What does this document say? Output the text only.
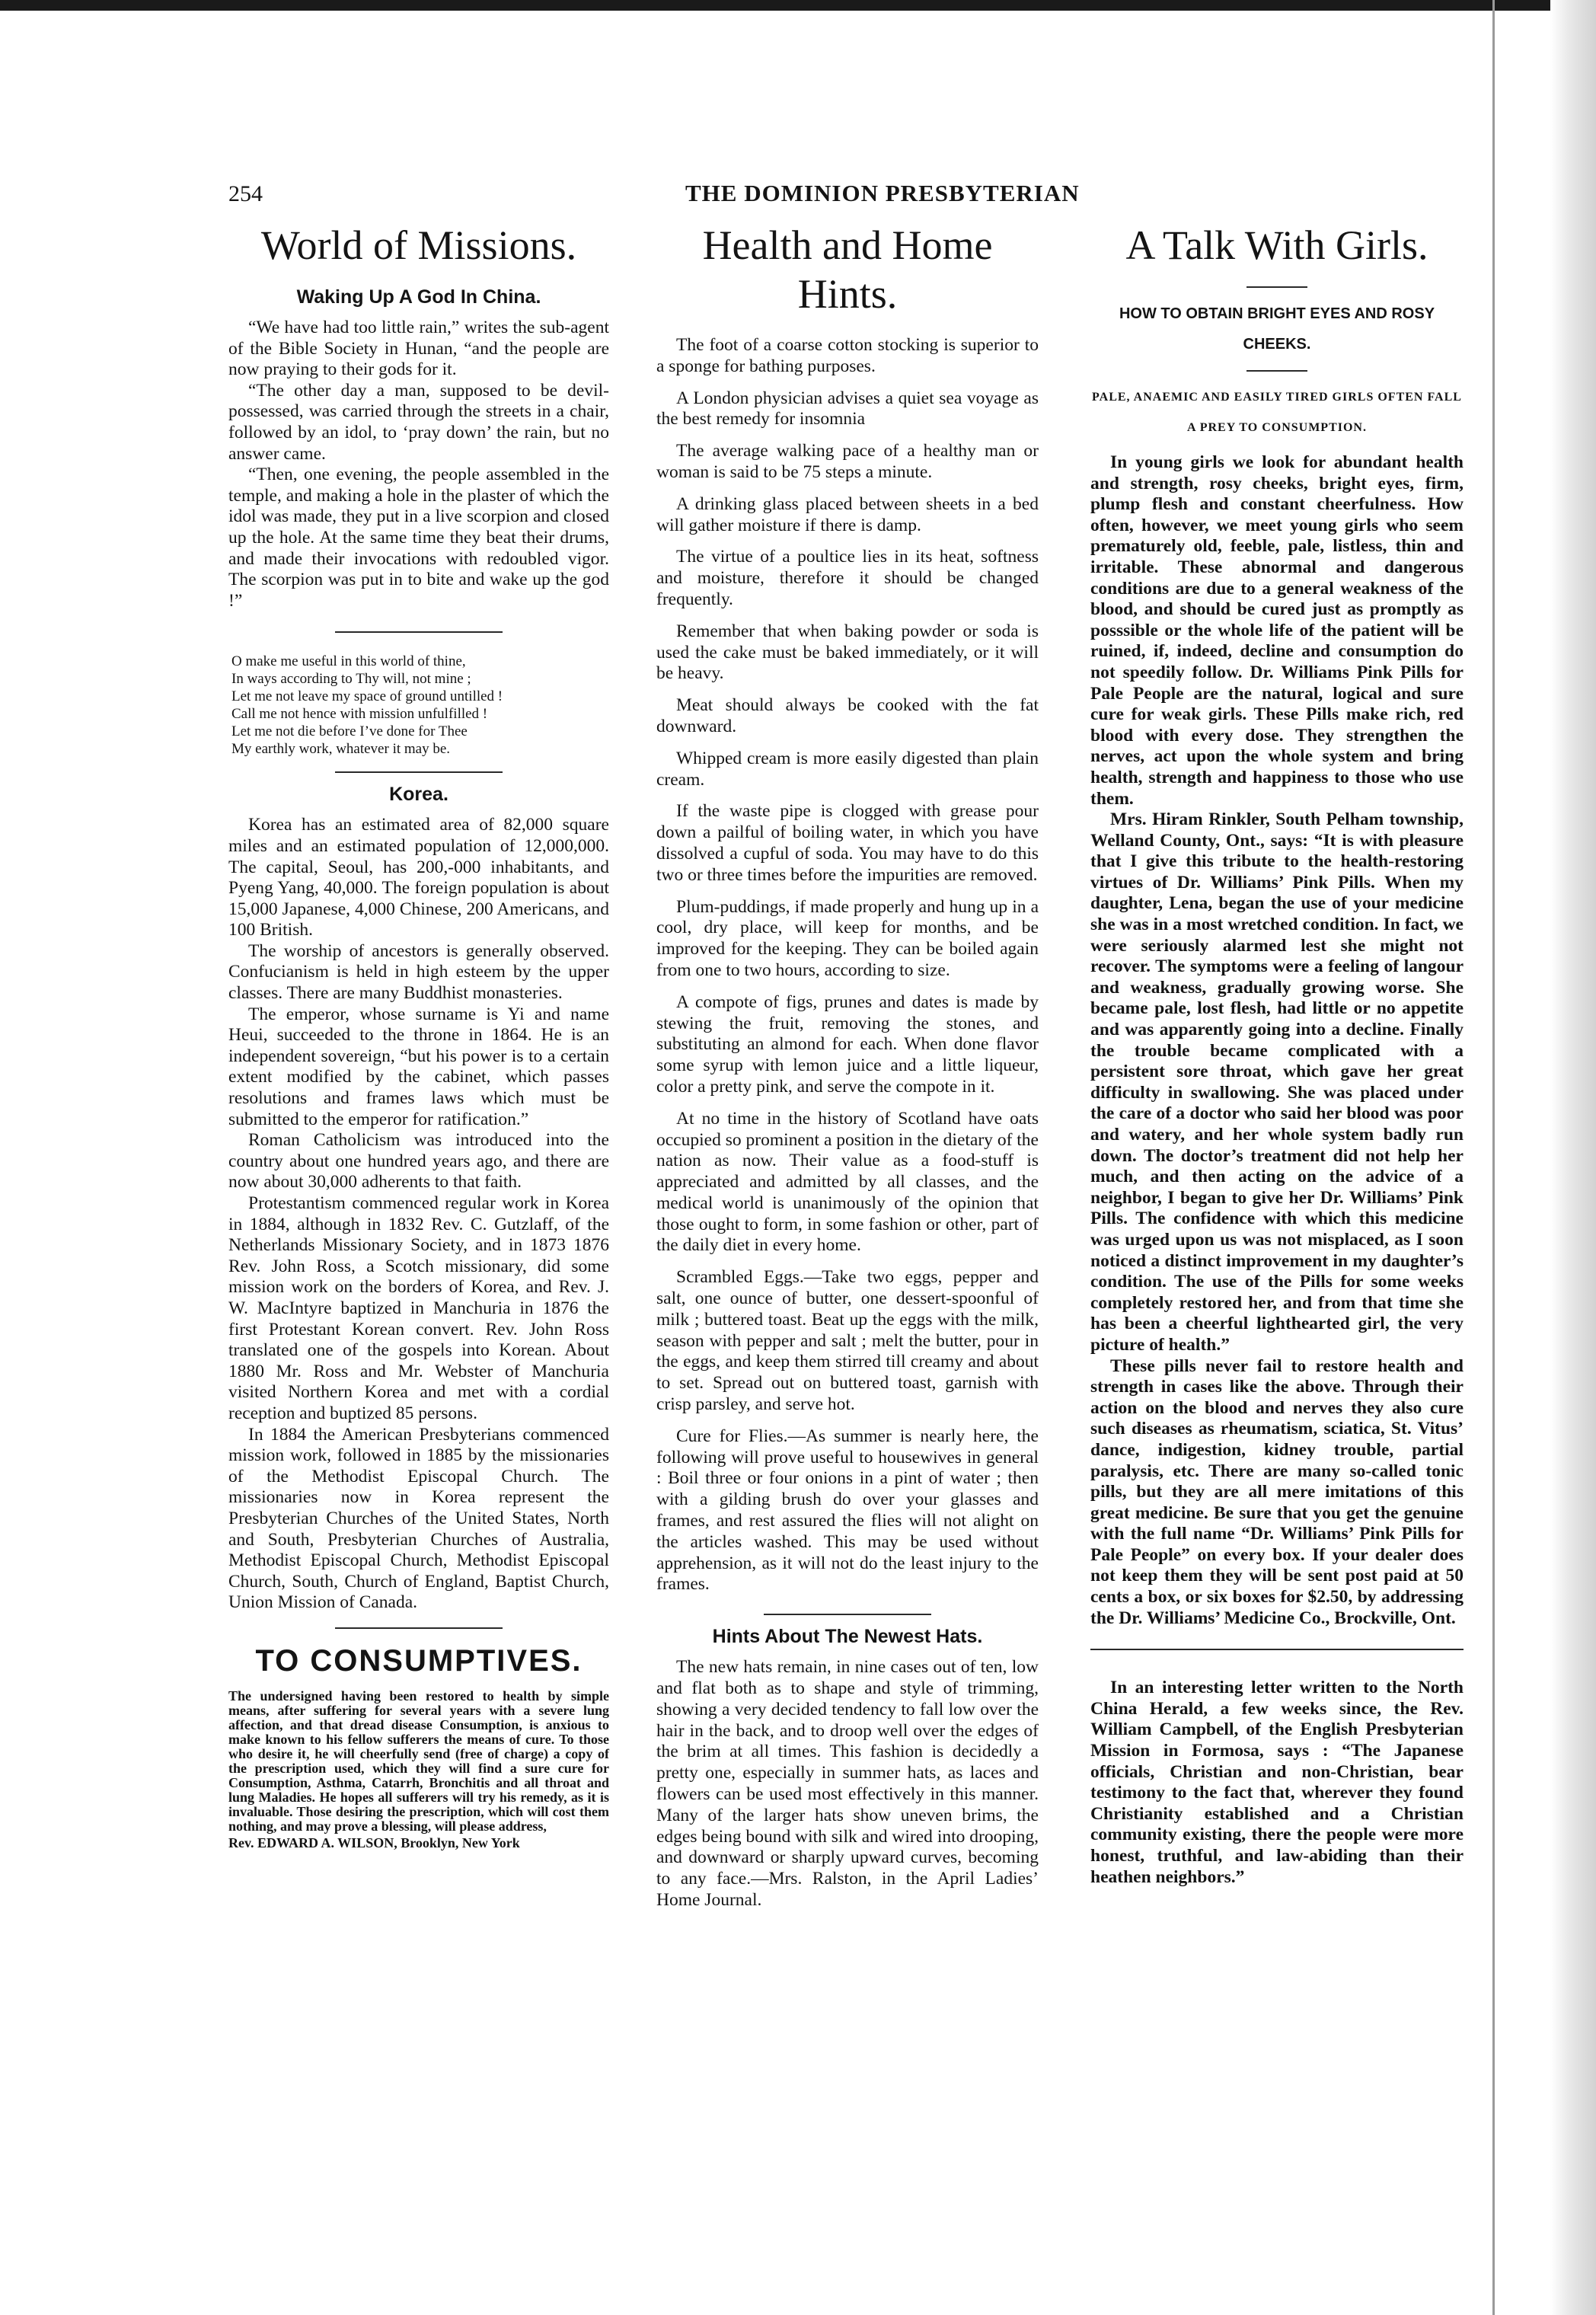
254	THE DOMINION PRESBYTERIAN
World of Missions.
Waking Up A God In China.

“We have had too little rain,” writes the sub-agent of the Bible Society in Hunan, “and the people are now praying to their gods for it.

“The other day a man, supposed to be devil-possessed, was carried through the streets in a chair, followed by an idol, to ‘pray down’ the rain, but no answer came.

“Then, one evening, the people assembled in the temple, and making a hole in the plaster of which the idol was made, they put in a live scorpion and closed up the hole. At the same time they beat their drums, and made their invocations with redoubled vigor. The scorpion was put in to bite and wake up the god !”

O make me useful in this world of thine,
In ways according to Thy will, not mine ;
Let me not leave my space of ground untilled !
Call me not hence with mission unfulfilled !
Let me not die before I’ve done for Thee
My earthly work, whatever it may be.
Korea.

Korea has an estimated area of 82,000 square miles and an estimated population of 12,000,000. The capital, Seoul, has 200,-000 inhabitants, and Pyeng Yang, 40,000. The foreign population is about 15,000 Japanese, 4,000 Chinese, 200 Americans, and 100 British.

The worship of ancestors is generally observed. Confucianism is held in high esteem by the upper classes. There are many Buddhist monasteries.

The emperor, whose surname is Yi and name Heui, succeeded to the throne in 1864. He is an independent sovereign, “but his power is to a certain extent modified by the cabinet, which passes resolutions and frames laws which must be submitted to the emperor for ratification.”

Roman Catholicism was introduced into the country about one hundred years ago, and there are now about 30,000 adherents to that faith.

Protestantism commenced regular work in Korea in 1884, although in 1832 Rev. C. Gutzlaff, of the Netherlands Missionary Society, and in 1873 1876 Rev. John Ross, a Scotch missionary, did some mission work on the borders of Korea, and Rev. J. W. MacIntyre baptized in Manchuria in 1876 the first Protestant Korean convert. Rev. John Ross translated one of the gospels into Korean. About 1880 Mr. Ross and Mr. Webster of Manchuria visited Northern Korea and met with a cordial reception and buptized 85 persons.

In 1884 the American Presbyterians commenced mission work, followed in 1885 by the missionaries of the Methodist Episcopal Church. The missionaries now in Korea represent the Presbyterian Churches of the United States, North and South, Presbyterian Churches of Australia, Methodist Episcopal Church, Methodist Episcopal Church, South, Church of England, Baptist Church, Union Mission of Canada.

TO CONSUMPTIVES.
The undersigned having been restored to health by simple means, after suffering for several years with a severe lung affection, and that dread disease Consumption, is anxious to make known to his fellow sufferers the means of cure. To those who desire it, he will cheerfully send (free of charge) a copy of the prescription used, which they will find a sure cure for Consumption, Asthma, Catarrh, Bronchitis and all throat and lung Maladies. He hopes all sufferers will try his remedy, as it is invaluable. Those desiring the prescription, which will cost them nothing, and may prove a blessing, will please address,
Rev. EDWARD A. WILSON, Brooklyn, New York
Health and Home Hints.

The foot of a coarse cotton stocking is superior to a sponge for bathing purposes.

A London physician advises a quiet sea voyage as the best remedy for insomnia

The average walking pace of a healthy man or woman is said to be 75 steps a minute.

A drinking glass placed between sheets in a bed will gather moisture if there is damp.

The virtue of a poultice lies in its heat, softness and moisture, therefore it should be changed frequently.

Remember that when baking powder or soda is used the cake must be baked immediately, or it will be heavy.

Meat should always be cooked with the fat downward.

Whipped cream is more easily digested than plain cream.

If the waste pipe is clogged with grease pour down a pailful of boiling water, in which you have dissolved a cupful of soda. You may have to do this two or three times before the impurities are removed.

Plum-puddings, if made properly and hung up in a cool, dry place, will keep for months, and be improved for the keeping. They can be boiled again from one to two hours, according to size.

A compote of figs, prunes and dates is made by stewing the fruit, removing the stones, and substituting an almond for each. When done flavor some syrup with lemon juice and a little liqueur, color a pretty pink, and serve the compote in it.

At no time in the history of Scotland have oats occupied so prominent a position in the dietary of the nation as now. Their value as a food-stuff is appreciated and admitted by all classes, and the medical world is unanimously of the opinion that those ought to form, in some fashion or other, part of the daily diet in every home.

Scrambled Eggs.—Take two eggs, pepper and salt, one ounce of butter, one dessert-spoonful of milk ; buttered toast. Beat up the eggs with the milk, season with pepper and salt ; melt the butter, pour in the eggs, and keep them stirred till creamy and about to set. Spread out on buttered toast, garnish with crisp parsley, and serve hot.

Cure for Flies.—As summer is nearly here, the following will prove useful to housewives in general : Boil three or four onions in a pint of water ; then with a gilding brush do over your glasses and frames, and rest assured the flies will not alight on the articles washed. This may be used without apprehension, as it will not do the least injury to the frames.

Hints About The Newest Hats.

The new hats remain, in nine cases out of ten, low and flat both as to shape and style of trimming, showing a very decided tendency to fall low over the hair in the back, and to droop well over the edges of the brim at all times. This fashion is decidedly a pretty one, especially in summer hats, as laces and flowers can be used most effectively in this manner. Many of the larger hats show uneven brims, the edges being bound with silk and wired into drooping, and downward or sharply upward curves, becoming to any face.—Mrs. Ralston, in the April Ladies’ Home Journal.

A Talk With Girls.
HOW TO OBTAIN BRIGHT EYES AND ROSY CHEEKS.
PALE, ANAEMIC AND EASILY TIRED GIRLS OFTEN FALL A PREY TO CONSUMPTION.

In young girls we look for abundant health and strength, rosy cheeks, bright eyes, firm, plump flesh and constant cheerfulness. How often, however, we meet young girls who seem prematurely old, feeble, pale, listless, thin and irritable. These abnormal and dangerous conditions are due to a general weakness of the blood, and should be cured just as promptly as posssible or the whole life of the patient will be ruined, if, indeed, decline and consumption do not speedily follow. Dr. Williams Pink Pills for Pale People are the natural, logical and sure cure for weak girls. These Pills make rich, red blood with every dose. They strengthen the nerves, act upon the whole system and bring health, strength and happiness to those who use them.

Mrs. Hiram Rinkler, South Pelham township, Welland County, Ont., says: “It is with pleasure that I give this tribute to the health-restoring virtues of Dr. Williams’ Pink Pills. When my daughter, Lena, began the use of your medicine she was in a most wretched condition. In fact, we were seriously alarmed lest she might not recover. The symptoms were a feeling of langour and weakness, gradually growing worse. She became pale, lost flesh, had little or no appetite and was apparently going into a decline. Finally the trouble became complicated with a persistent sore throat, which gave her great difficulty in swallowing. She was placed under the care of a doctor who said her blood was poor and watery, and her whole system badly run down. The doctor’s treatment did not help her much, and then acting on the advice of a neighbor, I began to give her Dr. Williams’ Pink Pills. The confidence with which this medicine was urged upon us was not misplaced, as I soon noticed a distinct improvement in my daughter’s condition. The use of the Pills for some weeks completely restored her, and from that time she has been a cheerful lighthearted girl, the very picture of health.”

These pills never fail to restore health and strength in cases like the above. Through their action on the blood and nerves they also cure such diseases as rheumatism, sciatica, St. Vitus’ dance, indigestion, kidney trouble, partial paralysis, etc. There are many so-called tonic pills, but they are all mere imitations of this great medicine. Be sure that you get the genuine with the full name “Dr. Williams’ Pink Pills for Pale People” on every box. If your dealer does not keep them they will be sent post paid at 50 cents a box, or six boxes for $2.50, by addressing the Dr. Williams’ Medicine Co., Brockville, Ont.

In an interesting letter written to the North China Herald, a few weeks since, the Rev. William Campbell, of the English Presbyterian Mission in Formosa, says : “The Japanese officials, Christian and non-Christian, bear testimony to the fact that, wherever they found Christianity established and a Christian community existing, there the people were more honest, truthful, and law-abiding than their heathen neighbors.”
